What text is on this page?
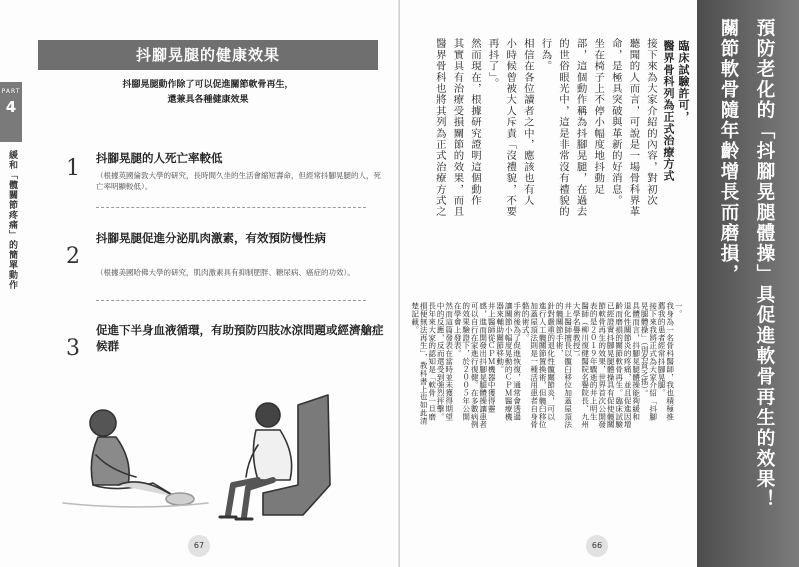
PART
4
緩和「髖關節疼痛」的簡單動作
抖腳晃腿的健康效果
抖腳晃腿動作除了可以促進關節軟骨再生，
還兼具各種健康效果
1 抖腳晃腿的人死亡率較低
（根據英國倫敦大學的研究，長時間久坐的生活會縮短壽命，但經常抖腳晃腿的人，死亡率明顯較低）。
2
抖腳晃腿促進分泌肌肉激素，有效預防慢性病
（根據美國哈佛大學的研究，肌肉激素具有抑制肥胖、糖尿病、癌症的功效）。
3
促進下半身血液循環，有助預防四肢冰涼問題或經濟艙症候群
67
關節軟骨隨年齡增長而磨損， 預防老化的「抖腳晃腿體操」具促進軟骨再生的效果！
臨床試驗許可，
醫界骨科列為正式治療方式
66
接下來為大家介紹的內容，對初次
聽聞的人而言，可說是一場骨科界革
命，是極具突破與革新的好消息。
坐在椅子上不停小幅度地抖動足
部，這個動作稱為抖腳晃腿，在過去
的世俗眼光中，這是非常沒有禮貌的
行為。
相信在各位讀者之中，應該也有人
小時候曾被大人斥責「沒禮貌，不要
再抖了」。
然而現在，根據研究證明這個動作
其實具有治療受損關節的效果，而且
醫界骨科也將其列為正式治療方式之
進行人工髖關節置換術，但髖臼移位
加蓋屋頂法則是一種活用患者自身骨
骼的術式。
手術後為了促進恢復，通常會透過
讓關節小幅度晃動的ＣＰＭ醫療機
器來輔助關節移動。
井上醫師從ＣＰＭ機器中獲得靈
感，進而開發出抖腳晃腿體操讓患者
可以自行在家進行復健。在多數病例
的效果驗證下，於２００５年公開
在學會上發表。
然而這篇發表在當時並未獲得期望
中的反應，反而還受到強烈抨擊。
長年來大家的認知是「軟骨一旦磨
損便無法再生」，教科書上也如此清
楚記載。	一。
我身為一名骨科醫師，我也積極推
薦我的患者經常抖腳晃腿。
接下來我將正式為大家介紹「抖腳
晃腿體操」（別名貧乏搖）。
具體而言，抖腳晃腿體操能夠緩和
退化性關節炎的疼痛，並且促進因增
齡而磨損的關節軟骨再生。臨床試驗
已經證實抖腳晃腿體操具有促使髖關
節軟骨再生的效果，世界首次公開發
表的是２０１９年驟逝的井上明生
醫師（柳川復健醫院名譽院長、九州
大學名譽教授）。
井上醫師擅長以髖臼移位加蓋屋頂法
的髖關節手術，
針對嚴重的退化性髖關節炎，可以
